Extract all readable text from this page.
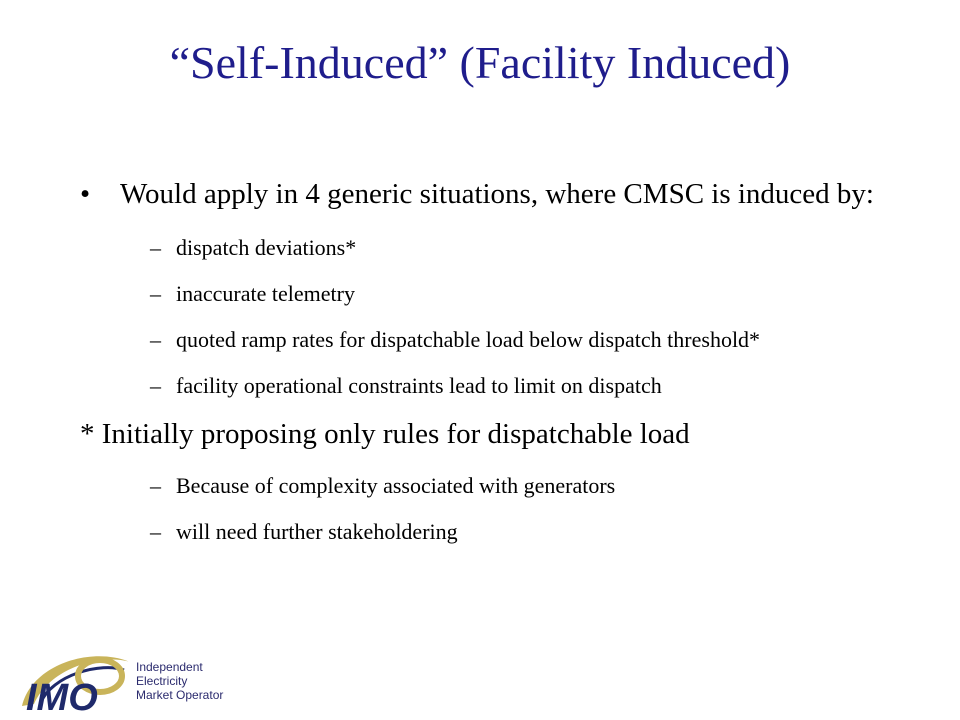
“Self-Induced” (Facility Induced)
• Would apply in 4 generic situations, where CMSC is induced by:
– dispatch deviations*
– inaccurate telemetry
– quoted ramp rates for dispatchable load below dispatch threshold*
– facility operational constraints lead to limit on dispatch
* Initially proposing only rules for dispatchable load
– Because of complexity associated with generators
– will need further stakeholdering
IMO
Independent
Electricity
Market Operator
